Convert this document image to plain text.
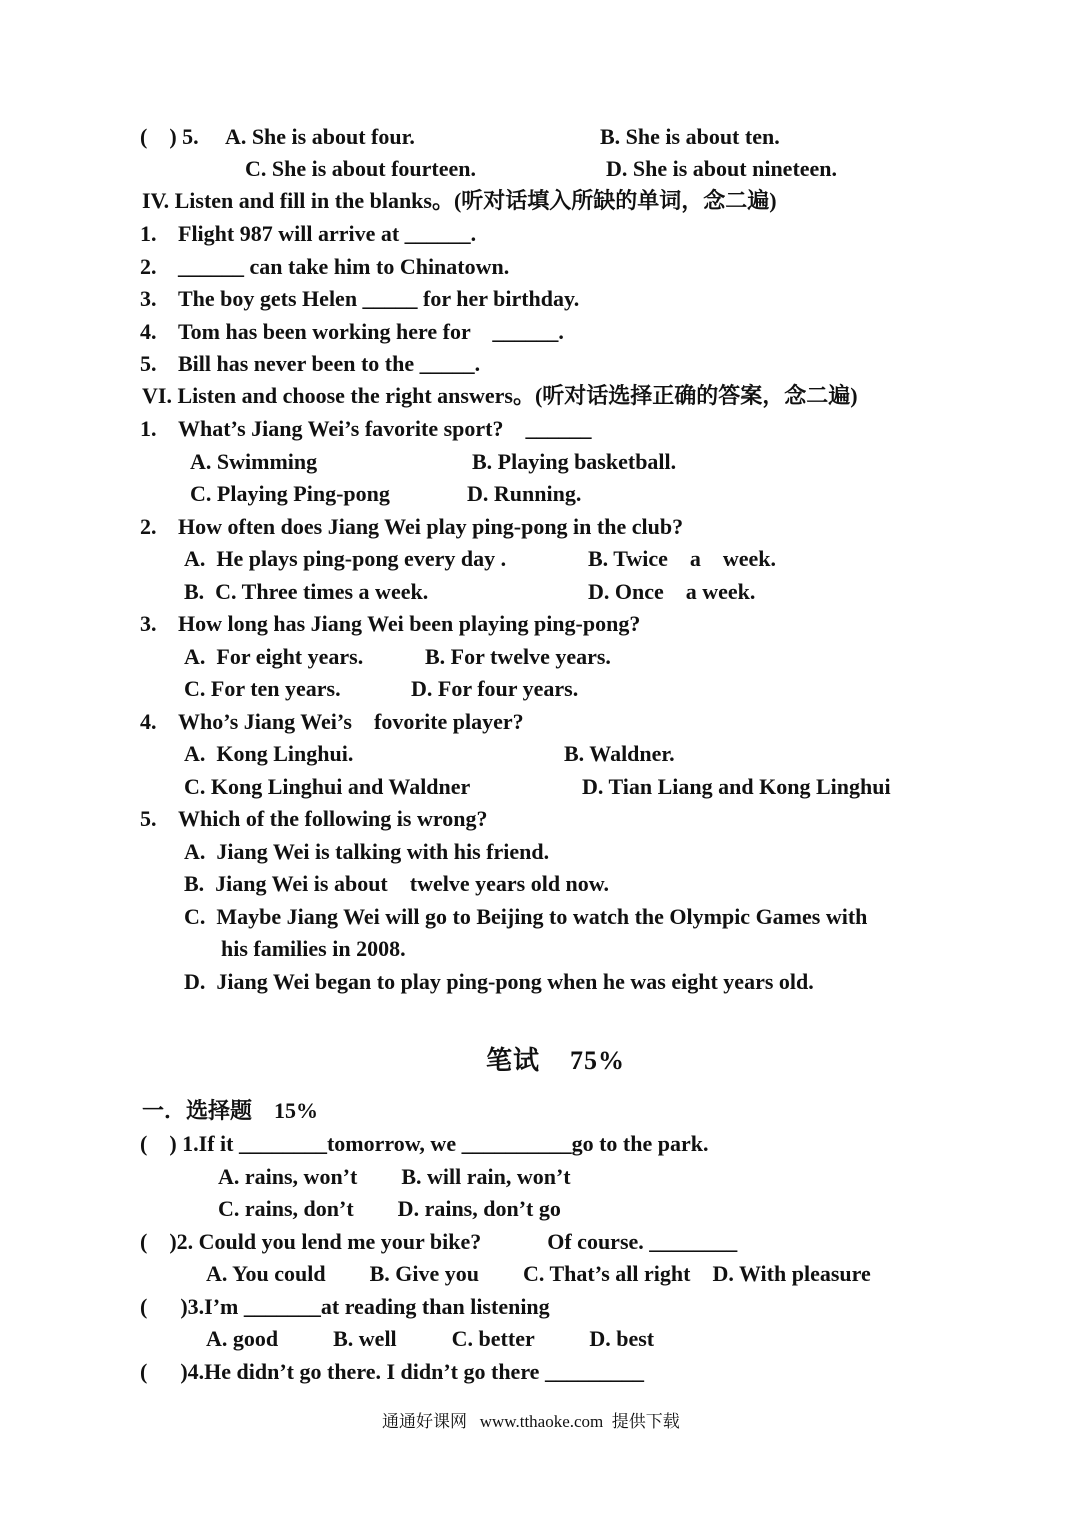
(    ) 5.     A. She is about four.	B. She is about ten.
C. She is about fourteen.	D. She is about nineteen.
IV. Listen and fill in the blanks。(听对话填入所缺的单词，念二遍)
1. Flight 987 will arrive at ______.
2. ______ can take him to Chinatown.
3. The boy gets Helen _____ for her birthday.
4. Tom has been working here for    ______.
5. Bill has never been to the _____.
VI. Listen and choose the right answers。(听对话选择正确的答案，念二遍)
1. What’s Jiang Wei’s favorite sport?    ______
A. Swimming	B. Playing basketball.
C. Playing Ping-pong	D. Running.
2. How often does Jiang Wei play ping-pong in the club?
A.  He plays ping-pong every day .	B. Twice    a    week.
B.  C. Three times a week.	D. Once    a week.
3. How long has Jiang Wei been playing ping-pong?
A.  For eight years.	B. For twelve years.
C. For ten years.	D. For four years.
4. Who’s Jiang Wei’s    fovorite player?
A.  Kong Linghui.	B. Waldner.
C. Kong Linghui and Waldner	D. Tian Liang and Kong Linghui
5. Which of the following is wrong?
A.  Jiang Wei is talking with his friend.
B.  Jiang Wei is about    twelve years old now.
C.  Maybe Jiang Wei will go to Beijing to watch the Olympic Games with
his families in 2008.
D.  Jiang Wei began to play ping-pong when he was eight years old.
笔试    75%
一．选择题    15%
(    ) 1.If it ________tomorrow, we __________go to the park.
A. rains, won’t        B. will rain, won’t
C. rains, don’t        D. rains, don’t go
(    )2. Could you lend me your bike?            Of course. ________
A. You could        B. Give you        C. That’s all right    D. With pleasure
(      )3.I’m _______at reading than listening
A. good          B. well          C. better          D. best
(      )4.He didn’t go there. I didn’t go there _________
通通好课网   www.tthaoke.com  提供下载
